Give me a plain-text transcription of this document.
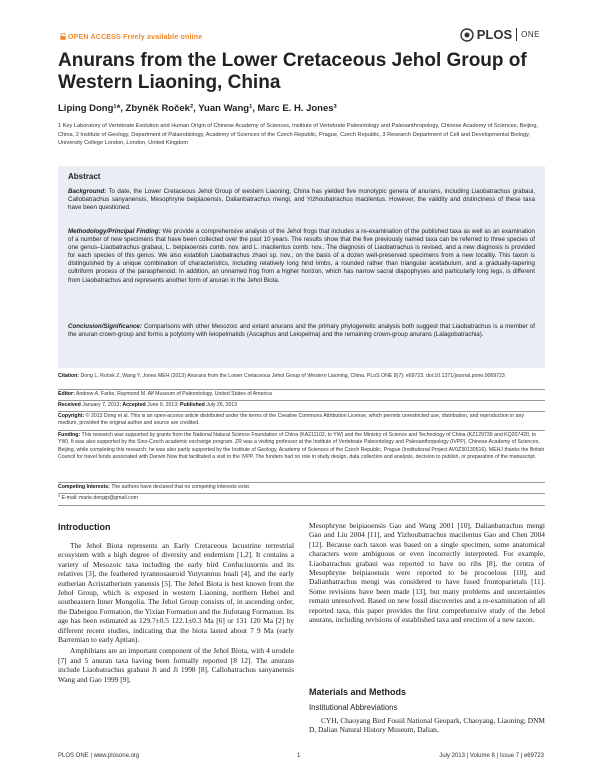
OPEN ACCESS Freely available online	PLOS ONE
Anurans from the Lower Cretaceous Jehol Group of Western Liaoning, China
Liping Dong¹*, Zbyněk Roček², Yuan Wang¹, Marc E. H. Jones³
1 Key Laboratory of Vertebrate Evolution and Human Origin of Chinese Academy of Sciences, Institute of Vertebrate Paleontology and Paleoanthropology, Chinese Academy of Sciences, Beijing, China, 2 Institute of Geology, Department of Palaeobiology, Academy of Sciences of the Czech Republic, Prague, Czech Republic, 3 Research Department of Cell and Developmental Biology, University College London, London, United Kingdom
Abstract
Background: To date, the Lower Cretaceous Jehol Group of western Liaoning, China has yielded five monotypic genera of anurans, including Liaobatrachus grabaui, Callobatrachus sanyanensis, Mesophryne beipiaoensis, Dalianbatrachus mengi, and Yizhoubatrachus macilentus. However, the validity and distinctness of these taxa have been questioned.
Methodology/Principal Finding: We provide a comprehensive analysis of the Jehol frogs that includes a re-examination of the published taxa as well as an examination of a number of new specimens that have been collected over the past 10 years. The results show that the five previously named taxa can be referred to three species of one genus–Liaobatrachus grabaui, L. beipiaoensis comb. nov. and L. macilentus comb. nov.. The diagnosis of Liaobatrachus is revised, and a new diagnosis is provided for each species of this genus. We also establish Liaobatrachus zhaoi sp. nov., on the basis of a dozen well-preserved specimens from a new locality. This taxon is distinguished by a unique combination of characteristics, including relatively long hind limbs, a rounded rather than triangular acetabulum, and a gradually-tapering cultriform process of the parasphenoid. In addition, an unnamed frog from a higher horizon, which has narrow sacral diapophyses and particularly long legs, is different from Liaobatrachus and represents another form of anuran in the Jehol Biota.
Conclusion/Significance: Comparisons with other Mesozoic and extant anurans and the primary phylogenetic analysis both suggest that Liaobatrachus is a member of the anuran crown-group and forms a polytomy with leiopelmatids (Ascaphus and Leiopelma) and the remaining crown-group anurans (Lalagobatrachia).
Citation: Dong L, Roček Z, Wang Y, Jones MEH (2013) Anurans from the Lower Cretaceous Jehol Group of Western Liaoning, China. PLoS ONE 8(7): e69723. doi:10.1371/journal.pone.0069723
Editor: Andrew A. Farke, Raymond M. Alf Museum of Paleontology, United States of America
Received January 7, 2013; Accepted June 6, 2013; Published July 26, 2013
Copyright: © 2013 Dong et al. This is an open-access article distributed under the terms of the Creative Commons Attribution License, which permits unrestricted use, distribution, and reproduction in any medium, provided the original author and source are credited.
Funding: This research was supported by grants from the National Natural Science Foundation of China (KA211102, to YW) and the Ministry of Science and Technology of China (KZ129739 and KQ207420, to YW). It was also supported by the Sino-Czech academic exchange program. ZR was a visiting professor at the Institute of Vertebrate Paleontology and Paleoanthropology (IVPP), Chinese Academy of Sciences, Beijing, while completing this research; he was also partly supported by the Institute of Geology, Academy of Sciences of the Czech Republic, Prague (Institutional Project AV0Z30130516). MEHJ thanks the British Council for travel funds associated with Darwin Now that facilitated a visit to the IVPP. The funders had no role in study design, data collection and analysis, decision to publish, or preparation of the manuscript.
Competing Interests: The authors have declared that no competing interests exist.
* E-mail: marie.dongip@gmail.com
Introduction

The Jehol Biota represents an Early Cretaceous lacustrine terrestrial ecosystem with a high degree of diversity and endemism [1,2]. It contains a variety of Mesozoic taxa including the early bird Confuciusornis and its relatives [3], the feathered tyrannosauroid Yutyrannus huali [4], and the early eutherian Acristatherium yanensis [5]. The Jehol Biota is best known from the Jehol Group, which is exposed in western Liaoning, northern Hebei and southeastern Inner Mongolia. The Jehol Group consists of, in ascending order, the Dabeigou Formation, the Yixian Formation and the Jiufotang Formation. Its age has been estimated as 129.7±0.5 122.1±0.3 Ma [6] or 131 120 Ma [2] by different recent studies, indicating that the biota lasted about 7 9 Ma (early Barremian to early Aptian).

Amphibians are an important component of the Jehol Biota, with 4 urodele [7] and 5 anuran taxa having been formally reported [8 12]. The anurans include Liaobatrachus grabaui Ji and Ji 1998 [8], Callobatrachus sanyanensis Wang and Gao 1999 [9],

Mesophryne beipiaoensis Gao and Wang 2001 [10], Dalianbatrachus mengi Gao and Liu 2004 [11], and Yizhoubatrachus macilentus Gao and Chen 2004 [12]. Because each taxon was based on a single specimen, some anatomical characters were ambiguous or even incorrectly interpreted. For example, Liaobatrachus grabaui was reported to have no ribs [8], the centra of Mesophryne beipiaoensis were reported to be procoelous [10], and Dalianbatrachus mengi was considered to have fused frontoparietals [11]. Some revisions have been made [13], but many problems and uncertainties remain unresolved. Based on new fossil discoveries and a re-examination of all reported taxa, this paper provides the first comprehensive study of the Jehol anurans, including revisions of established taxa and erection of a new taxon.

Materials and Methods
Institutional Abbreviations

CYH, Chaoyang Bird Fossil National Geopark, Chaoyang, Liaoning; DNM D, Dalian Natural History Museum, Dalian,

PLOS ONE | www.plosone.org	1	July 2013 | Volume 8 | Issue 7 | e69723
